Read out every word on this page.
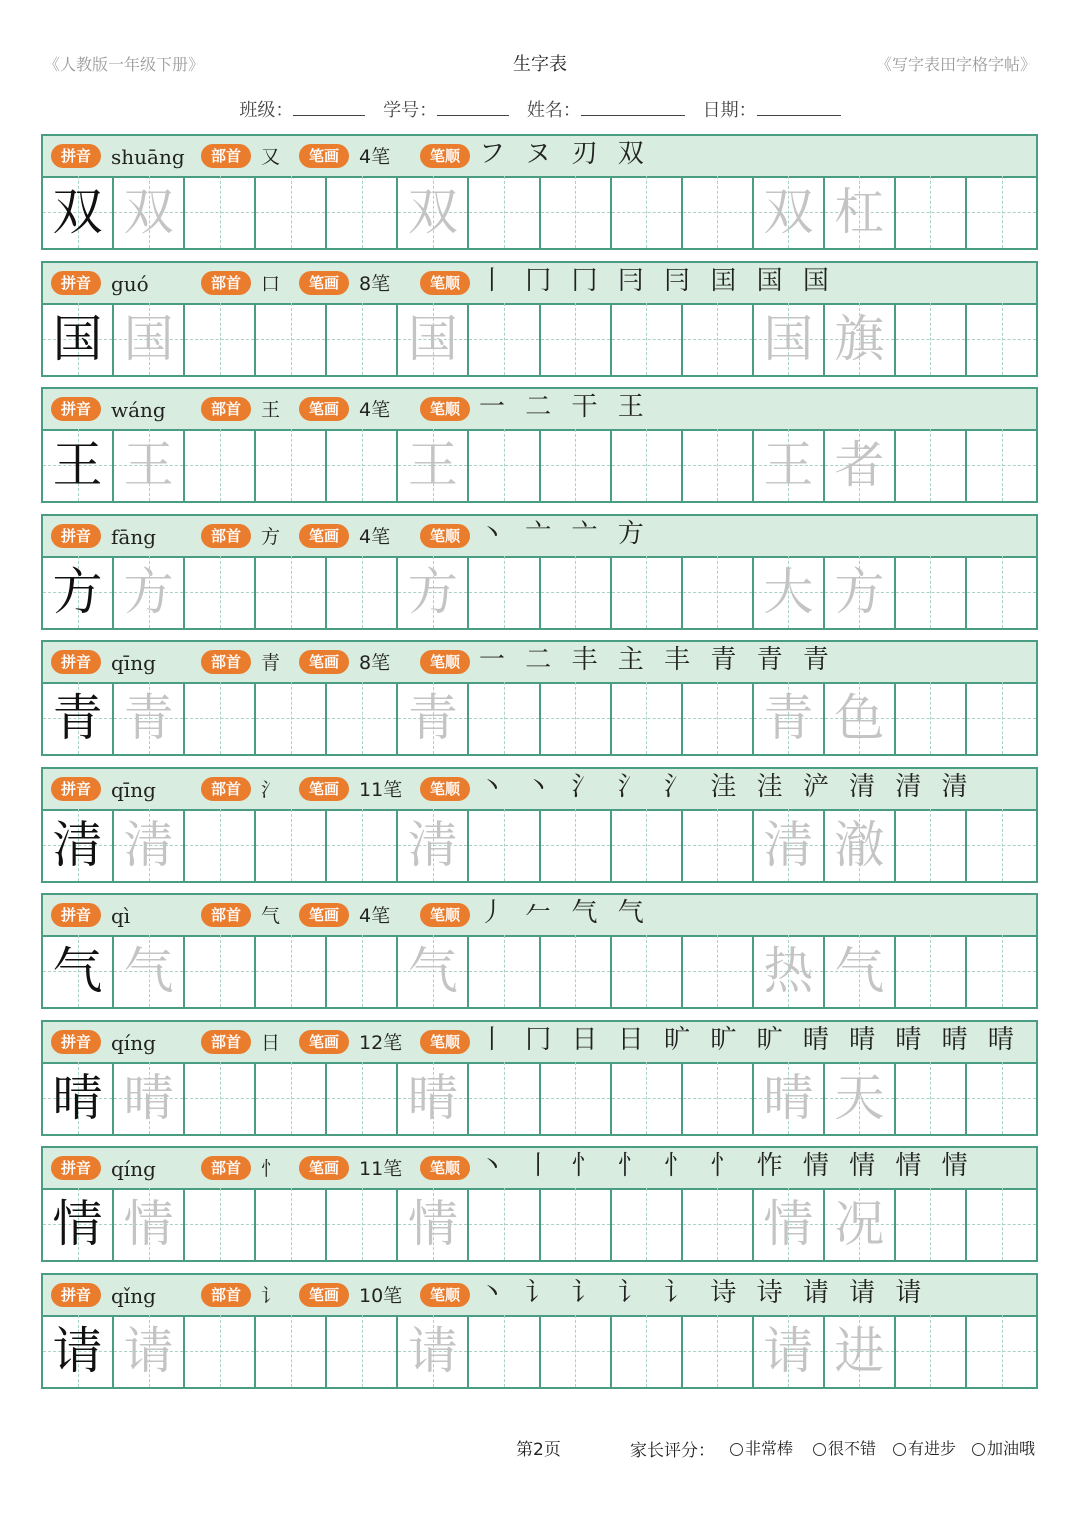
《人教版一年级下册》	生字表	《写字表田字格字帖》
班级：	学号：	姓名：	日期：
拼音	shuāng	部首	又	笔画	4笔	笔顺 フ ヌ 刃 双
双 双	双	双 杠
拼音	guó	部首	口	笔画	8笔	笔顺 丨 冂 冂 冃 冃 囯 国 国
国 国	国	国 旗
拼音	wáng	部首	王	笔画	4笔	笔顺 一 二 干 王
王 王	王	王 者
拼音	fāng	部首	方	笔画	4笔	笔顺 丶 亠 亠 方
方 方	方	大 方
拼音	qīng	部首	青	笔画	8笔	笔顺 一 二 丰 主 丰 青 青 青
青 青	青	青 色
拼音	qīng	部首	氵	笔画	11笔	笔顺 丶 丶 氵 氵 氵 洼 洼 浐 清 清 清
清 清	清	清 澈
拼音	qì	部首	气	笔画	4笔	笔顺 丿 𠂉 气 气
气 气	气	热 气
拼音	qíng	部首	日	笔画	12笔	笔顺 丨 冂 日 日 旷 旷 旷 晴 晴 晴 晴 晴
晴 晴	晴	晴 天
拼音	qíng	部首	忄	笔画	11笔	笔顺 丶 丨 忄 忄 忄 忄 怍 情 情 情 情
情 情	情	情 况
拼音	qǐng	部首	讠	笔画	10笔	笔顺 丶 讠 讠 讠 讠 诗 诗 请 请 请
请 请	请	请 进
第2页	家长评分：	非常棒	很不错	有进步	加油哦
